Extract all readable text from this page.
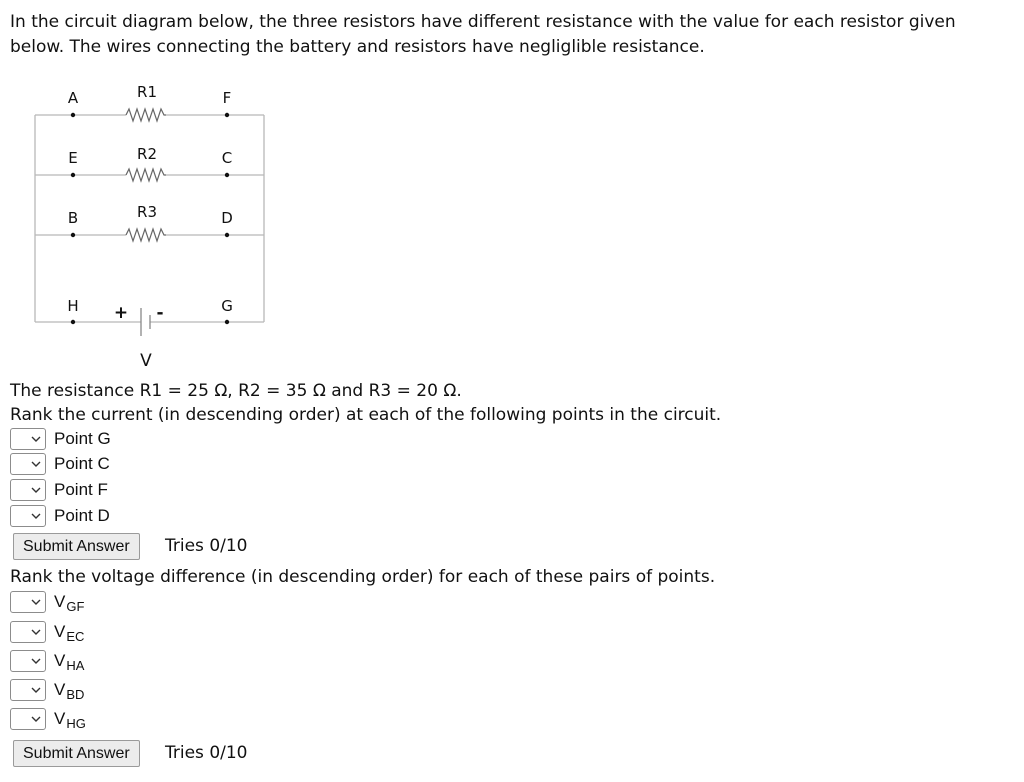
In the circuit diagram below, the three resistors have different resistance with the value for each resistor given below. The wires connecting the battery and resistors have negliglible resistance.
A	F
E	C
B	D
H	G
R1
R2
R3
+ -
V
The resistance R1 = 25 Ω, R2 = 35 Ω and R3 = 20 Ω.
Rank the current (in descending order) at each of the following points in the circuit.
Point G
Point C
Point F
Point D
Submit Answer	Tries 0/10
Rank the voltage difference (in descending order) for each of these pairs of points.
$V_{GF}$
$V_{EC}$
$V_{HA}$
$V_{BD}$
$V_{HG}$
Submit Answer	Tries 0/10
